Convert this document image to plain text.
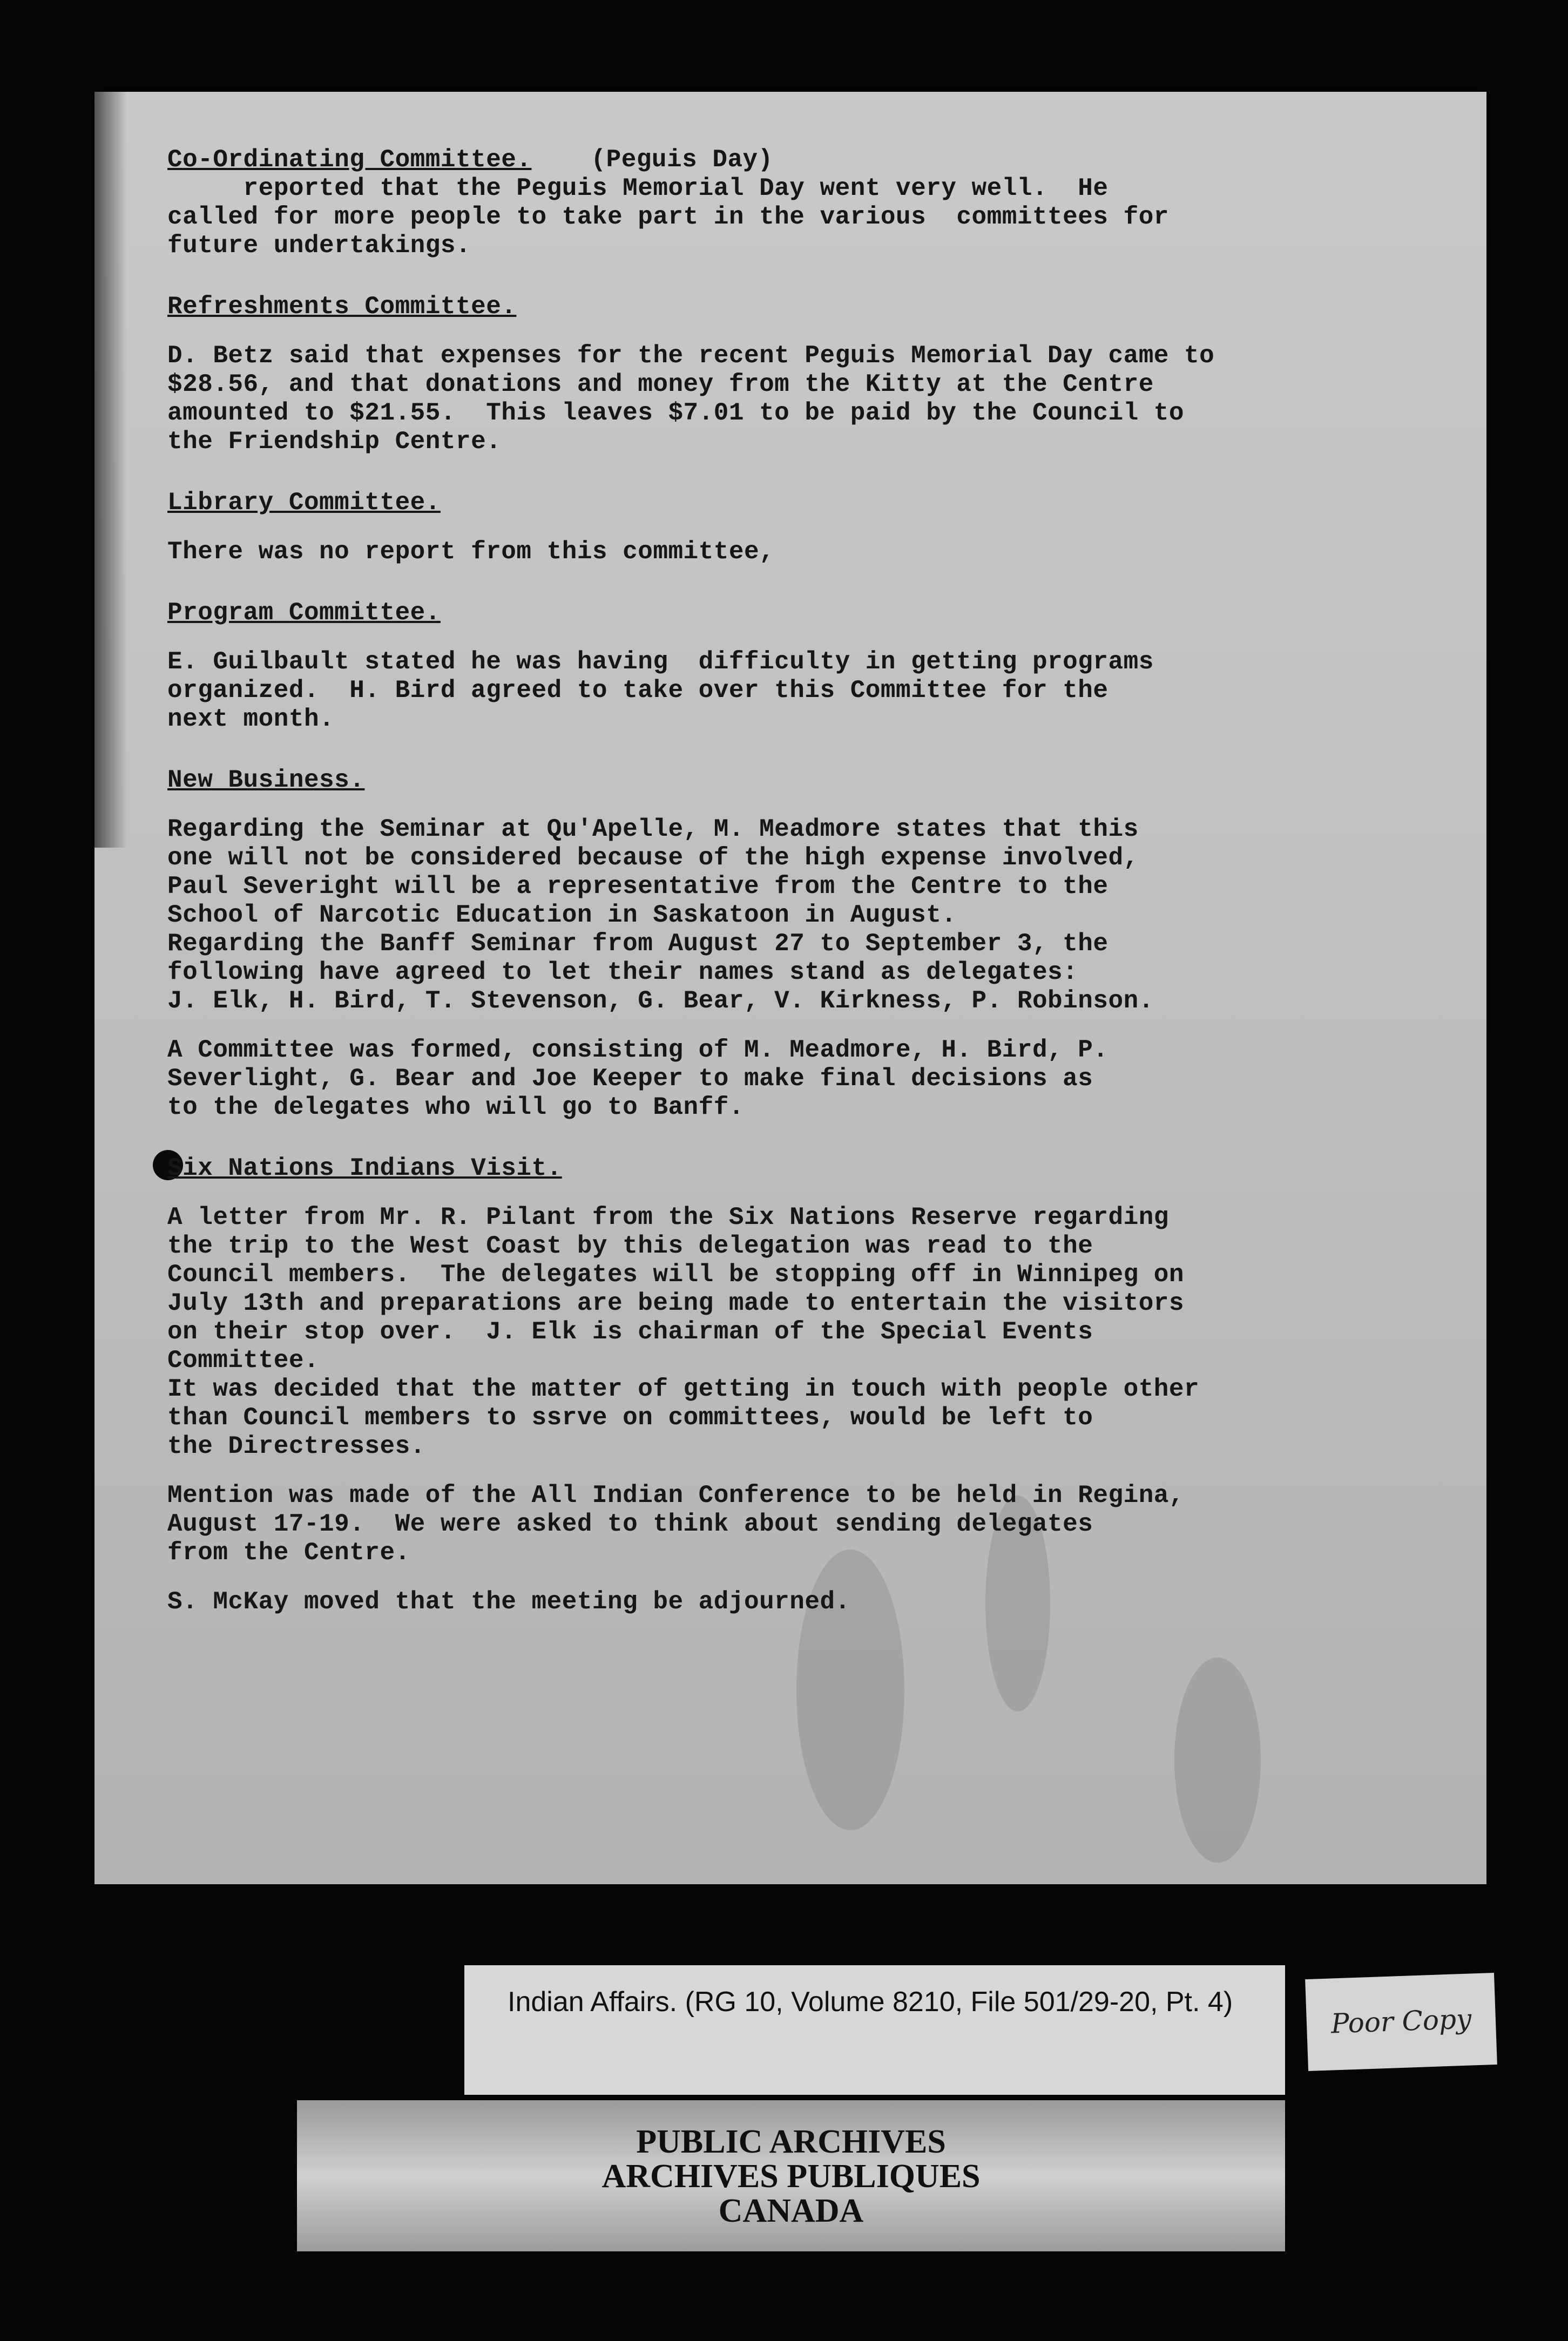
Co-Ordinating Committee. (Peguis Day)

reported that the Peguis Memorial Day went very well.  He

called for more people to take part in the various  committees for

future undertakings.

Refreshments Committee.

D. Betz said that expenses for the recent Peguis Memorial Day came to

$28.56, and that donations and money from the Kitty at the Centre

amounted to $21.55.  This leaves $7.01 to be paid by the Council to

the Friendship Centre.

Library Committee.

There was no report from this committee,

Program Committee.

E. Guilbault stated he was having  difficulty in getting programs

organized.  H. Bird agreed to take over this Committee for the

next month.

New Business.

Regarding the Seminar at Qu'Apelle, M. Meadmore states that this

one will not be considered because of the high expense involved,

Paul Severight will be a representative from the Centre to the

School of Narcotic Education in Saskatoon in August.

Regarding the Banff Seminar from August 27 to September 3, the

following have agreed to let their names stand as delegates:

J. Elk, H. Bird, T. Stevenson, G. Bear, V. Kirkness, P. Robinson.

A Committee was formed, consisting of M. Meadmore, H. Bird, P.

Severlight, G. Bear and Joe Keeper to make final decisions as

to the delegates who will go to Banff.

Six Nations Indians Visit.

A letter from Mr. R. Pilant from the Six Nations Reserve regarding

the trip to the West Coast by this delegation was read to the

Council members.  The delegates will be stopping off in Winnipeg on

July 13th and preparations are being made to entertain the visitors

on their stop over.  J. Elk is chairman of the Special Events

Committee.

It was decided that the matter of getting in touch with people other

than Council members to ssrve on committees, would be left to

the Directresses.

Mention was made of the All Indian Conference to be held in Regina,

August 17-19.  We were asked to think about sending delegates

from the Centre.

S. McKay moved that the meeting be adjourned.

Indian Affairs. (RG 10, Volume 8210, File 501/29-20, Pt. 4)
Poor Copy
PUBLIC ARCHIVES
ARCHIVES PUBLIQUES
CANADA
